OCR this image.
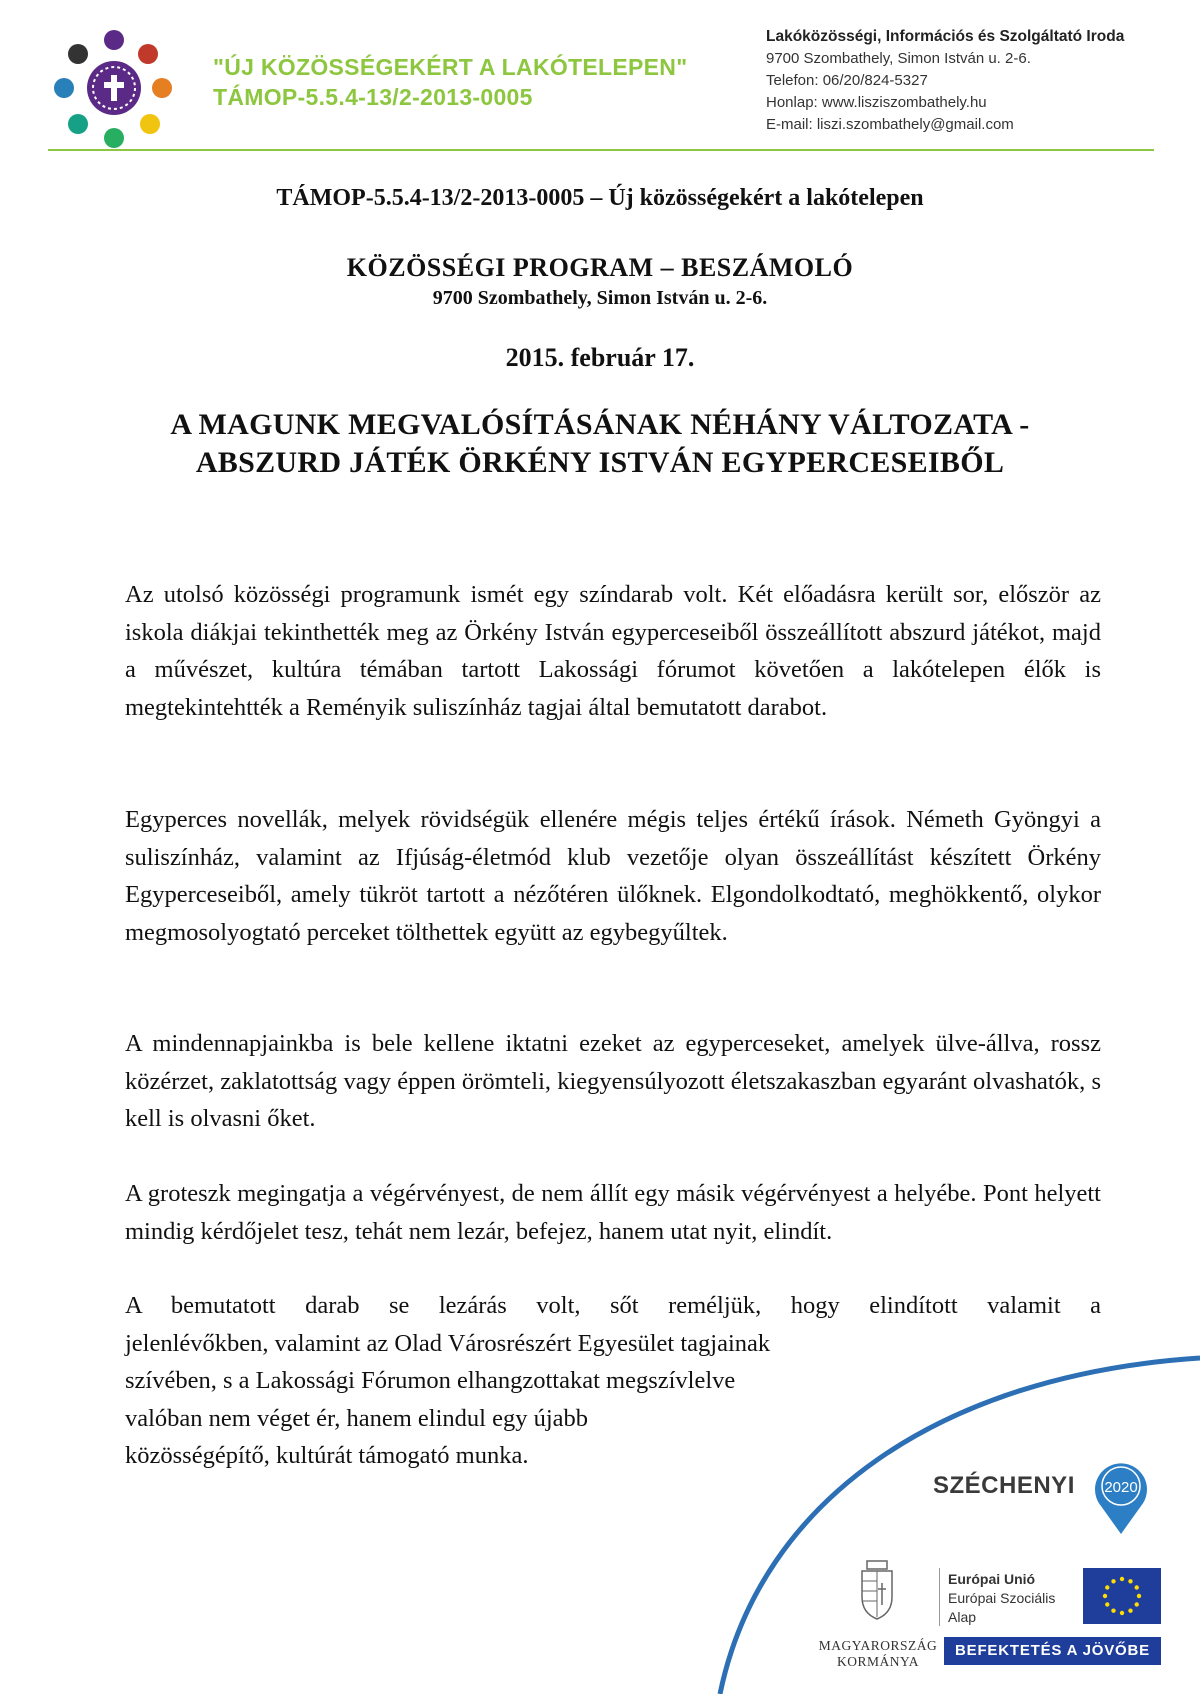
"ÚJ KÖZÖSSÉGEKÉRT A LAKÓTELEPEN"
TÁMOP-5.5.4-13/2-2013-0005
Lakóközösségi, Információs és Szolgáltató Iroda
9700 Szombathely, Simon István u. 2-6.
Telefon: 06/20/824-5327
Honlap: www.lisziszombathely.hu
E-mail: liszi.szombathely@gmail.com
TÁMOP-5.5.4-13/2-2013-0005 – Új közösségekért a lakótelepen
KÖZÖSSÉGI PROGRAM – BESZÁMOLÓ
9700 Szombathely, Simon István u. 2-6.
2015. február 17.
A MAGUNK MEGVALÓSÍTÁSÁNAK NÉHÁNY VÁLTOZATA -
ABSZURD JÁTÉK ÖRKÉNY ISTVÁN EGYPERCESEIBŐL

Az utolsó közösségi programunk ismét egy színdarab volt. Két előadásra került sor, először az iskola diákjai tekinthették meg az Örkény István egyperceseiből összeállított abszurd játékot, majd a művészet, kultúra témában tartott Lakossági fórumot követően a lakótelepen élők is megtekintehtték a Reményik suliszínház tagjai által bemutatott darabot.

Egyperces novellák, melyek rövidségük ellenére mégis teljes értékű írások. Németh Gyöngyi a suliszínház, valamint az Ifjúság-életmód klub vezetője olyan összeállítást készített Örkény Egyperceseiből, amely tükröt tartott a nézőtéren ülőknek. Elgondolkodtató, meghökkentő, olykor megmosolyogtató perceket tölthettek együtt az egybegyűltek.

A mindennapjainkba is bele kellene iktatni ezeket az egyperceseket, amelyek ülve-állva, rossz közérzet, zaklatottság vagy éppen örömteli, kiegyensúlyozott életszakaszban egyaránt olvashatók, s kell is olvasni őket.

A groteszk megingatja a végérvényest, de nem állít egy másik végérvényest a helyébe. Pont helyett mindig kérdőjelet tesz, tehát nem lezár, befejez, hanem utat nyit, elindít.

A bemutatott darab se lezárás volt, sőt reméljük, hogy elindított valamit a
jelenlévőkben, valamint az Olad Városrészért Egyesület tagjainak
szívében, s a Lakossági Fórumon elhangzottakat megszívlelve
valóban nem véget ér, hanem elindul egy újabb
közösségépítő, kultúrát támogató munka.
SZÉCHENYI 2020
MAGYARORSZÁG
KORMÁNYA
Európai Unió
Európai Szociális
Alap
BEFEKTETÉS A JÖVŐBE
